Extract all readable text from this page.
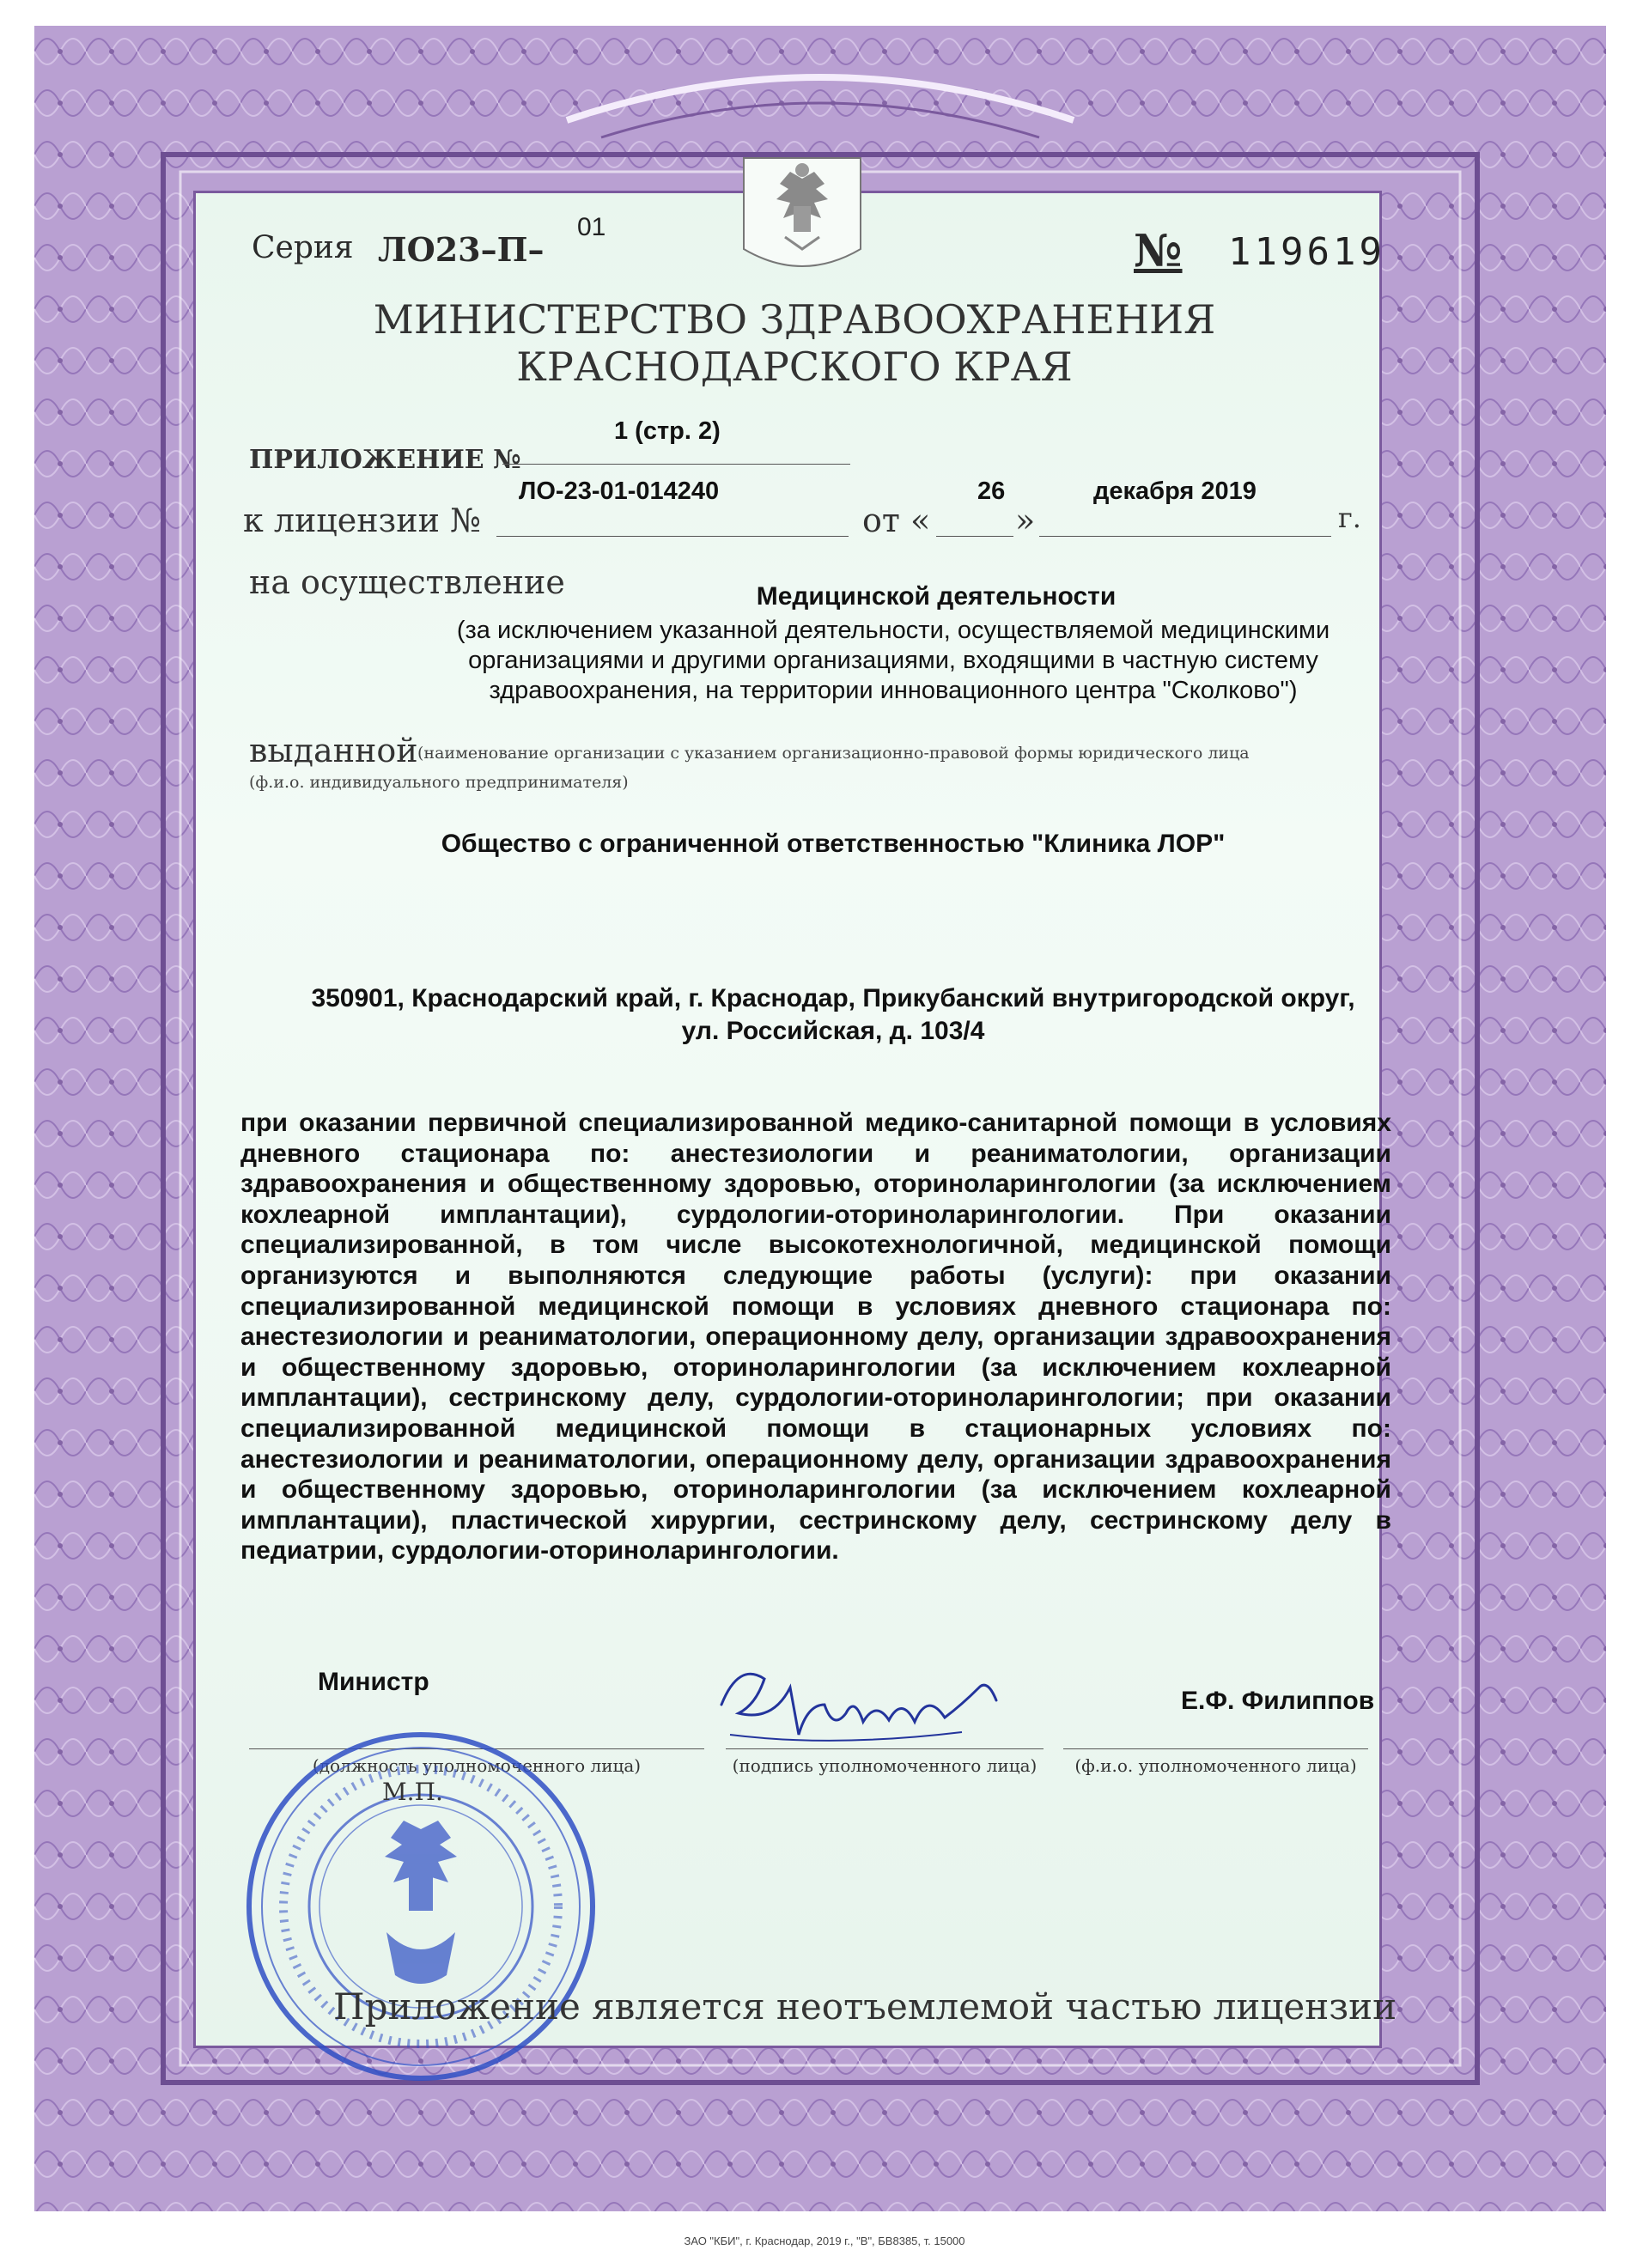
Серия ЛО23–П–
01	№ 119619
МИНИСТЕРСТВО ЗДРАВООХРАНЕНИЯ
КРАСНОДАРСКОГО КРАЯ
ПРИЛОЖЕНИЕ №
1 (стр. 2)
к лицензии №
ЛО-23-01-014240
от «
26
»
декабря 2019
г.
на осуществление	Медицинской деятельности
(за исключением указанной деятельности, осуществляемой медицинскими
организациями и другими организациями, входящими в частную систему
здравоохранения, на территории инновационного центра "Сколково")
выданной (наименование организации с указанием организационно-правовой формы юридического лица
(ф.и.о. индивидуального предпринимателя)
Общество с ограниченной ответственностью "Клиника ЛОР"
350901, Краснодарский край, г. Краснодар, Прикубанский внутригородской округ,
ул. Российская, д. 103/4
при оказании первичной специализированной медико-санитарной помощи в условиях дневного стационара по: анестезиологии и реаниматологии, организации здравоохранения и общественному здоровью, оториноларингологии (за исключением кохлеарной имплантации), сурдологии-оториноларингологии. При оказании специализированной, в том числе высокотехнологичной, медицинской помощи организуются и выполняются следующие работы (услуги): при оказании специализированной медицинской помощи в условиях дневного стационара по: анестезиологии и реаниматологии, операционному делу, организации здравоохранения и общественному здоровью, оториноларингологии (за исключением кохлеарной имплантации), сестринскому делу, сурдологии-оториноларингологии; при оказании специализированной медицинской помощи в стационарных условиях по: анестезиологии и реаниматологии, операционному делу, организации здравоохранения и общественному здоровью, оториноларингологии (за исключением кохлеарной имплантации), пластической хирургии, сестринскому делу, сестринскому делу в педиатрии, сурдологии-оториноларингологии.
Министр
Е.Ф. Филиппов
(должность уполномоченного лица)	(подпись уполномоченного лица)	(ф.и.о. уполномоченного лица)
М.П.
Приложение является неотъемлемой частью лицензии
ЗАО "КБИ", г. Краснодар, 2019 г., "В", БВ8385, т. 15000
